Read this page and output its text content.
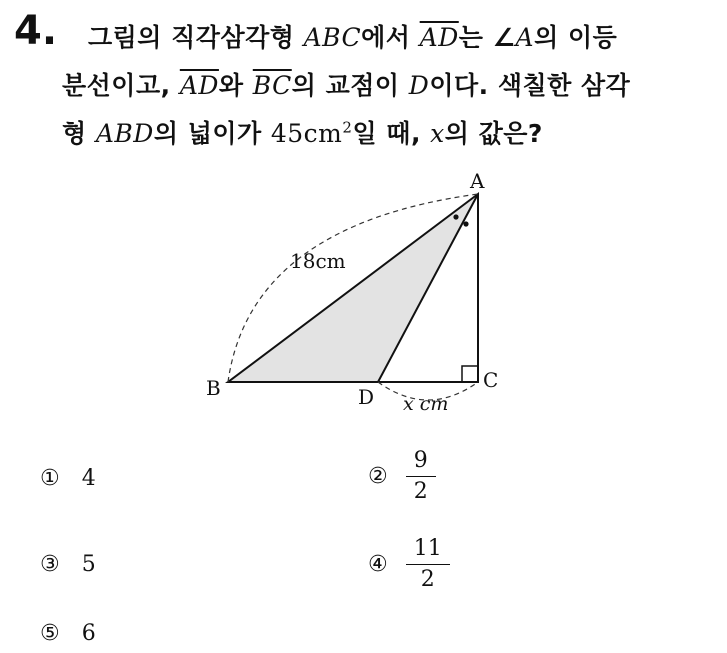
4. 그림의 직각삼각형 ABC에서 $\overline{AD}$는 ∠A의 이등
분선이고, $\overline{AD}$와 $\overline{BC}$의 교점이 D이다. 색칠한 삼각
형 ABD의 넓이가 $45cm^2$일 때, x의 값은?
A
B	C
D
18cm
x cm
① 4	② $\frac{9}{2}$
③ 5	④ $\frac{11}{2}$
⑤ 6
